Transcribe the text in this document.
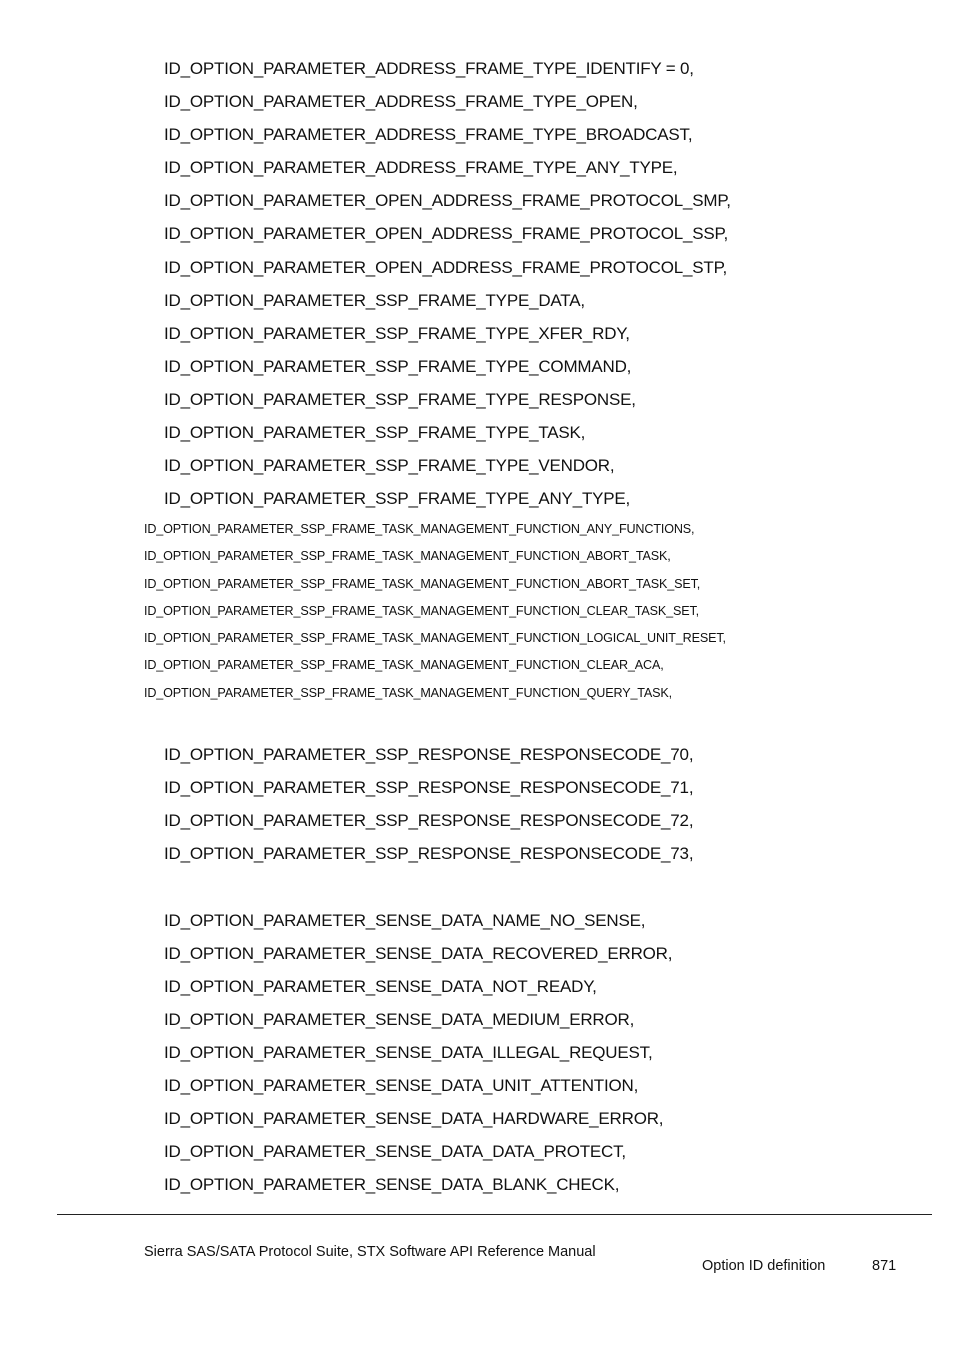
ID_OPTION_PARAMETER_ADDRESS_FRAME_TYPE_IDENTIFY = 0,
ID_OPTION_PARAMETER_ADDRESS_FRAME_TYPE_OPEN,
ID_OPTION_PARAMETER_ADDRESS_FRAME_TYPE_BROADCAST,
ID_OPTION_PARAMETER_ADDRESS_FRAME_TYPE_ANY_TYPE,
ID_OPTION_PARAMETER_OPEN_ADDRESS_FRAME_PROTOCOL_SMP,
ID_OPTION_PARAMETER_OPEN_ADDRESS_FRAME_PROTOCOL_SSP,
ID_OPTION_PARAMETER_OPEN_ADDRESS_FRAME_PROTOCOL_STP,
ID_OPTION_PARAMETER_SSP_FRAME_TYPE_DATA,
ID_OPTION_PARAMETER_SSP_FRAME_TYPE_XFER_RDY,
ID_OPTION_PARAMETER_SSP_FRAME_TYPE_COMMAND,
ID_OPTION_PARAMETER_SSP_FRAME_TYPE_RESPONSE,
ID_OPTION_PARAMETER_SSP_FRAME_TYPE_TASK,
ID_OPTION_PARAMETER_SSP_FRAME_TYPE_VENDOR,
ID_OPTION_PARAMETER_SSP_FRAME_TYPE_ANY_TYPE,
ID_OPTION_PARAMETER_SSP_FRAME_TASK_MANAGEMENT_FUNCTION_ANY_FUNCTIONS,
ID_OPTION_PARAMETER_SSP_FRAME_TASK_MANAGEMENT_FUNCTION_ABORT_TASK,
ID_OPTION_PARAMETER_SSP_FRAME_TASK_MANAGEMENT_FUNCTION_ABORT_TASK_SET,
ID_OPTION_PARAMETER_SSP_FRAME_TASK_MANAGEMENT_FUNCTION_CLEAR_TASK_SET,
ID_OPTION_PARAMETER_SSP_FRAME_TASK_MANAGEMENT_FUNCTION_LOGICAL_UNIT_RESET,
ID_OPTION_PARAMETER_SSP_FRAME_TASK_MANAGEMENT_FUNCTION_CLEAR_ACA,
ID_OPTION_PARAMETER_SSP_FRAME_TASK_MANAGEMENT_FUNCTION_QUERY_TASK,
ID_OPTION_PARAMETER_SSP_RESPONSE_RESPONSECODE_70,
ID_OPTION_PARAMETER_SSP_RESPONSE_RESPONSECODE_71,
ID_OPTION_PARAMETER_SSP_RESPONSE_RESPONSECODE_72,
ID_OPTION_PARAMETER_SSP_RESPONSE_RESPONSECODE_73,
ID_OPTION_PARAMETER_SENSE_DATA_NAME_NO_SENSE,
ID_OPTION_PARAMETER_SENSE_DATA_RECOVERED_ERROR,
ID_OPTION_PARAMETER_SENSE_DATA_NOT_READY,
ID_OPTION_PARAMETER_SENSE_DATA_MEDIUM_ERROR,
ID_OPTION_PARAMETER_SENSE_DATA_ILLEGAL_REQUEST,
ID_OPTION_PARAMETER_SENSE_DATA_UNIT_ATTENTION,
ID_OPTION_PARAMETER_SENSE_DATA_HARDWARE_ERROR,
ID_OPTION_PARAMETER_SENSE_DATA_DATA_PROTECT,
ID_OPTION_PARAMETER_SENSE_DATA_BLANK_CHECK,
Sierra SAS/SATA Protocol Suite, STX Software API Reference Manual
Option ID definition	871
